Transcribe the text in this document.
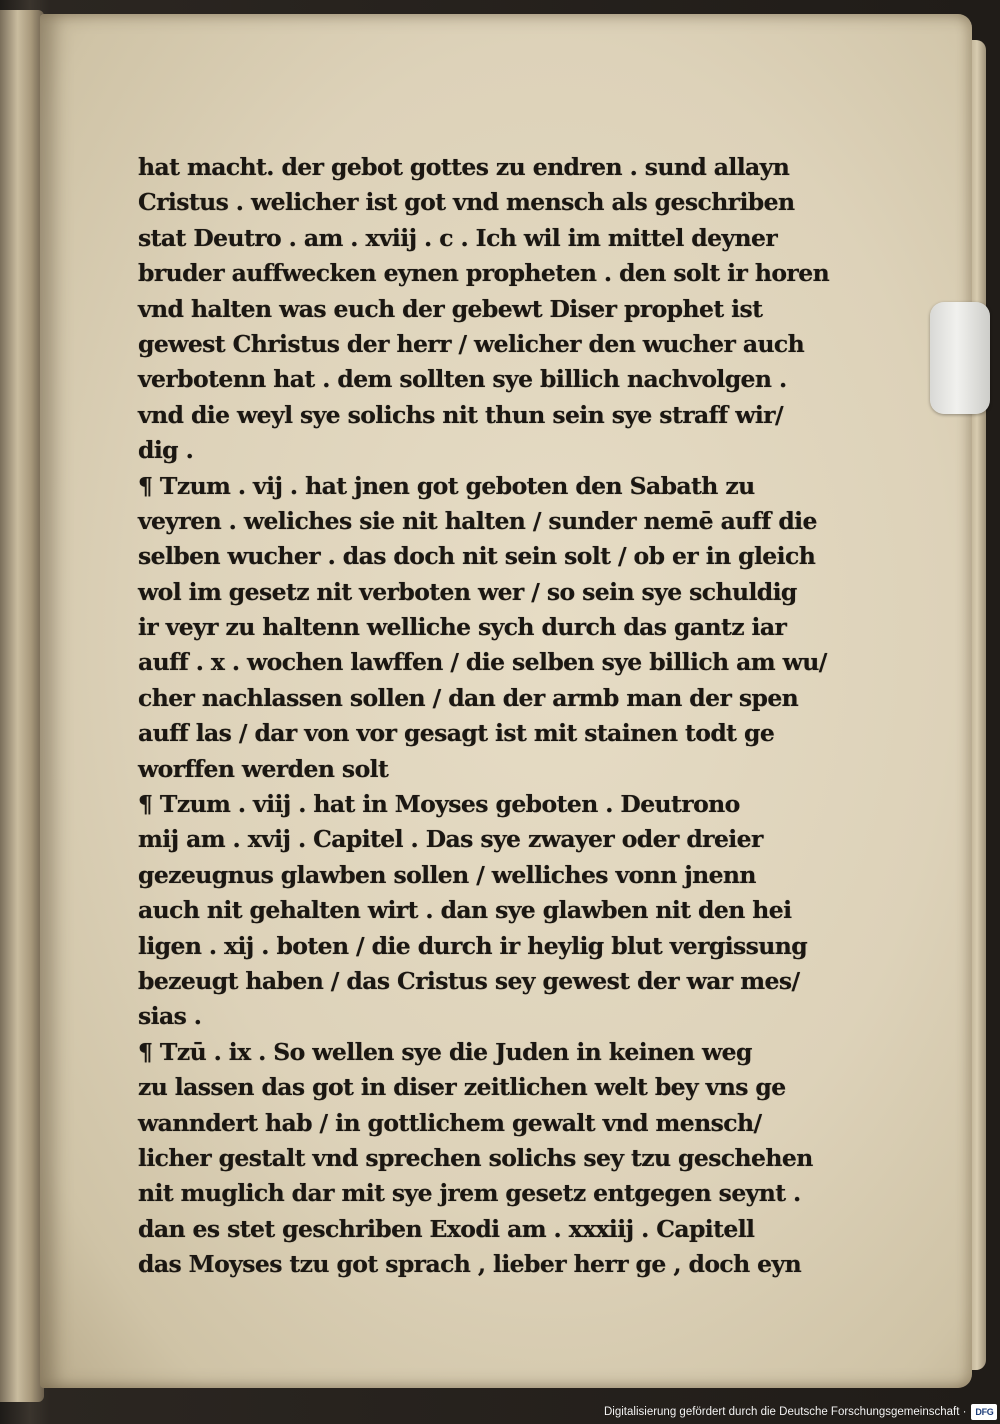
hat macht. der gebot gottes zu endren . sund allayn
Cristus . welicher ist got vnd mensch als geschriben
stat Deutro . am . xviij . c . Ich wil im mittel deyner
bruder auffwecken eynen propheten . den solt ir horen
vnd halten was euch der gebewt Diser prophet ist
gewest Christus der herr / welicher den wucher auch
verbotenn hat . dem sollten sye billich nachvolgen .
vnd die weyl sye solichs nit thun sein sye straff wir/
dig .
¶ Tzum . vij . hat jnen got geboten den Sabath zu
veyren . weliches sie nit halten / sunder nemē auff die
selben wucher . das doch nit sein solt / ob er in gleich
wol im gesetz nit verboten wer / so sein sye schuldig
ir veyr zu haltenn welliche sych durch das gantz iar
auff . x . wochen lawffen / die selben sye billich am wu/
cher nachlassen sollen / dan der armb man der spen
auff las / dar von vor gesagt ist mit stainen todt ge
worffen werden solt
¶ Tzum . viij . hat in Moyses geboten . Deutrono
mij am . xvij . Capitel . Das sye zwayer oder dreier
gezeugnus glawben sollen / welliches vonn jnenn
auch nit gehalten wirt . dan sye glawben nit den hei
ligen . xij . boten / die durch ir heylig blut vergissung
bezeugt haben / das Cristus sey gewest der war mes/
sias .
¶ Tzū . ix . So wellen sye die Juden in keinen weg
zu lassen das got in diser zeitlichen welt bey vns ge
wanndert hab / in gottlichem gewalt vnd mensch/
licher gestalt vnd sprechen solichs sey tzu geschehen
nit muglich dar mit sye jrem gesetz entgegen seynt .
dan es stet geschriben Exodi am . xxxiij . Capitell
das Moyses tzu got sprach , lieber herr ge , doch eyn
Digitalisierung gefördert durch die Deutsche Forschungsgemeinschaft · DFG
